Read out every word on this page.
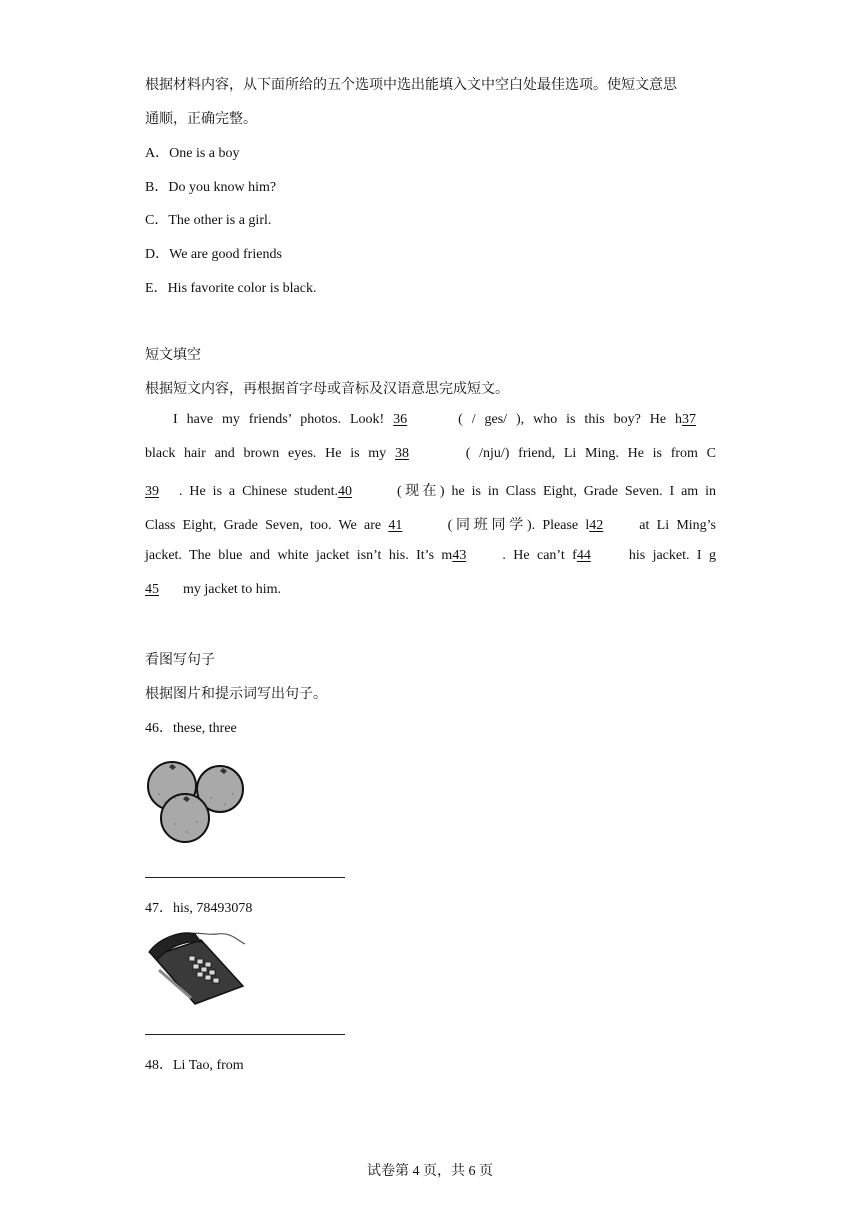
根据材料内容，从下面所给的五个选项中选出能填入文中空白处最佳选项。使短文意思
通顺，正确完整。
A．One is a boy
B．Do you know him?
C．The other is a girl.
D．We are good friends
E．His favorite color is black.
短文填空
根据短文内容，再根据首字母或音标及汉语意思完成短文。
I have my friends’ photos. Look! 36	( / ges/ ), who is this boy? He h37
black hair and brown eyes. He is my 38	( /nju/) friend, Li Ming. He is from C
39 . He is a Chinese student.40	(现在) he is in Class Eight, Grade Seven. I am in
Class Eight, Grade Seven, too. We are 41	(同班同学). Please l42	at Li Ming’s
jacket. The blue and white jacket isn’t his. It’s m43	. He can’t f44	his jacket. I g
45 my jacket to him.
看图写句子
根据图片和提示词写出句子。
46．these, three
47．his, 78493078
48．Li Tao, from
试卷第 4 页，共 6 页
